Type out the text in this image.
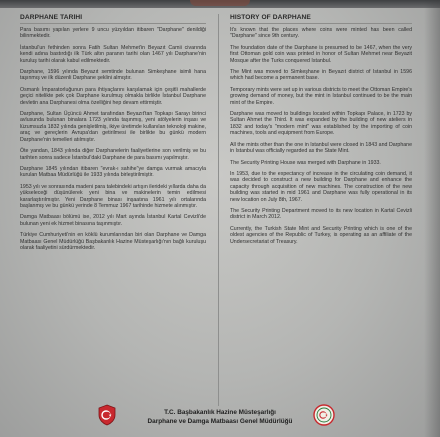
DARPHANE TARİHİ

Para basımı yapılan yerlere 9 uncu yüzyıldan itibaren "Darphane" denildiği bilinmektedir.

İstanbul'un fethinden sonra Fatih Sultan Mehmet'in Beyazıt Camii civarında kendi adına bastırdığı ilk Türk altın paranın tarihi olan 1467 yılı Darphane'nin kuruluş tarihi olarak kabul edilmektedir.

Darphane, 1596 yılında Beyazıt semtinde bulunan Simkeşhane isimli hana taşınmış ve ilk düzenli Darphane şeklini almıştır.

Osmanlı İmparatorluğunun para ihtiyaçlarını karşılamak için çeşitli mahallerde geçici nitelikte pek çok Darphane kurulmuş olmakla birlikte İstanbul Darphane devletin ana Darphanesi olma özelliğini hep devam ettirmiştir.

Darphane, Sultan Üçüncü Ahmet tarafından Beyazıt'tan Topkapı Sarayı birinci avlusunda bulunan binalara 1723 yılında taşınmış, yeni atölyelerin inşası ve lüzumsuzla 1832 yılında genişletilmiş, ikiye üretimde kullanılan teknoloji makine, araç ve gereçlerin Avrupa'dan getirilmesi ile birlikte bu günkü modern Darphane'nin temelleri atılmıştır.

Öte yandan, 1843 yılında diğer Darphanelerin faaliyetlerine son verilmiş ve bu tarihten sonra sadece İstanbul'daki Darphane de para basımı yapılmıştır.

Darphane 1845 yılından itibaren "evrak-ı sahihe"ye damga vurmak amacıyla kurulan Matbaa Müdürlüğü ile 1933 yılında birleştirilmiştir.

1953 yılı ve sonrasında madeni para talebindeki artışın ilerideki yıllarda daha da yükseleceği düşünülerek yeni bina ve makinelerin temin edilmesi kararlaştırılmıştır. Yeni Darphane binası inşaatına 1961 yılı ortalarında başlanmış ve bu günkü yerinde 8 Temmuz 1967 tarihinde hizmete alınmıştır.

Damga Matbaası bölümü ise, 2012 yılı Mart ayında İstanbul Kartal Cevizli'de bulunan yeni ek hizmet binasına taşınmıştır.

Türkiye Cumhuriyeti'nin en köklü kurumlarından biri olan Darphane ve Damga Matbaası Genel Müdürlüğü Başbakanlık Hazine Müsteşarlığı'nın bağlı kuruluşu olarak faaliyetini sürdürmektedir.

HISTORY OF DARPHANE

It's known that the places where coins were minted has been called "Darphane" since 9th century.

The foundation date of the Darphane is presumed to be 1467, when the very first Ottoman gold coin was printed in honor of Sultan Mehmet near Beyazit Mosque after the Turks conquered Istanbul.

The Mint was moved to Simkeşhane in Beyazıt district of Istanbul in 1596 which had become a permanent base.

Temporary mints were set up in various districts to meet the Ottoman Empire's growing demand of money, but the mint in Istanbul continued to be the main mint of the Empire.

Darphane was moved to buildings located within Topkapı Palace, in 1723 by Sultan Ahmet the Third. It was expanded by the building of new ateliers in 1832 and today's "modern mint" was established by the importing of coin machines, tools and equipment from Europe.

All the mints other than the one in Istanbul were closed in 1843 and Darphane in Istanbul was officially regarded as the State Mint.

The Security Printing House was merged with Darphane in 1933.

In 1953, due to the expectancy of increase in the circulating coin demand, it was decided to construct a new building for Darphane and enhance the capacity through acquisition of new machines. The construction of the new building was started in mid 1961 and Darphane was fully operational in its new location on July 8th, 1967.

The Security Printing Department moved to its new location in Kartal Cevizli district in March 2012.

Currently, the Turkish State Mint and Security Printing which is one of the oldest agencies of the Republic of Turkey, is operating as an affiliate of the Undersecretariat of Treasury.

T.C. Başbakanlık Hazine Müsteşarlığı
Darphane ve Damga Matbaası Genel Müdürlüğü
